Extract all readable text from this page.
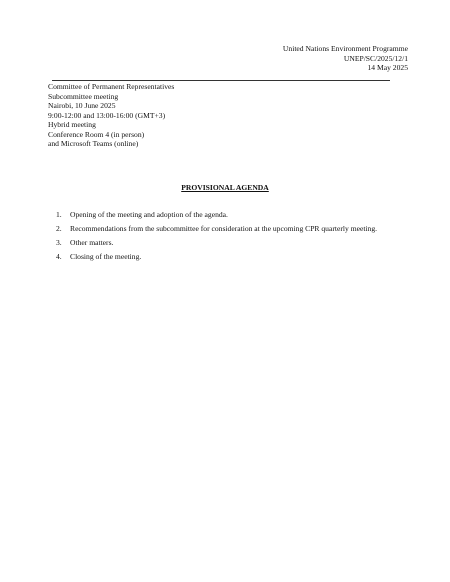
United Nations Environment Programme
UNEP/SC/2025/12/1
14 May 2025
Committee of Permanent Representatives
Subcommittee meeting
Nairobi, 10 June 2025
9:00-12:00 and 13:00-16:00 (GMT+3)
Hybrid meeting
Conference Room 4 (in person)
and Microsoft Teams (online)
PROVISIONAL AGENDA
1.	Opening of the meeting and adoption of the agenda.
2.	Recommendations from the subcommittee for consideration at the upcoming CPR quarterly meeting.
3.	Other matters.
4.	Closing of the meeting.
